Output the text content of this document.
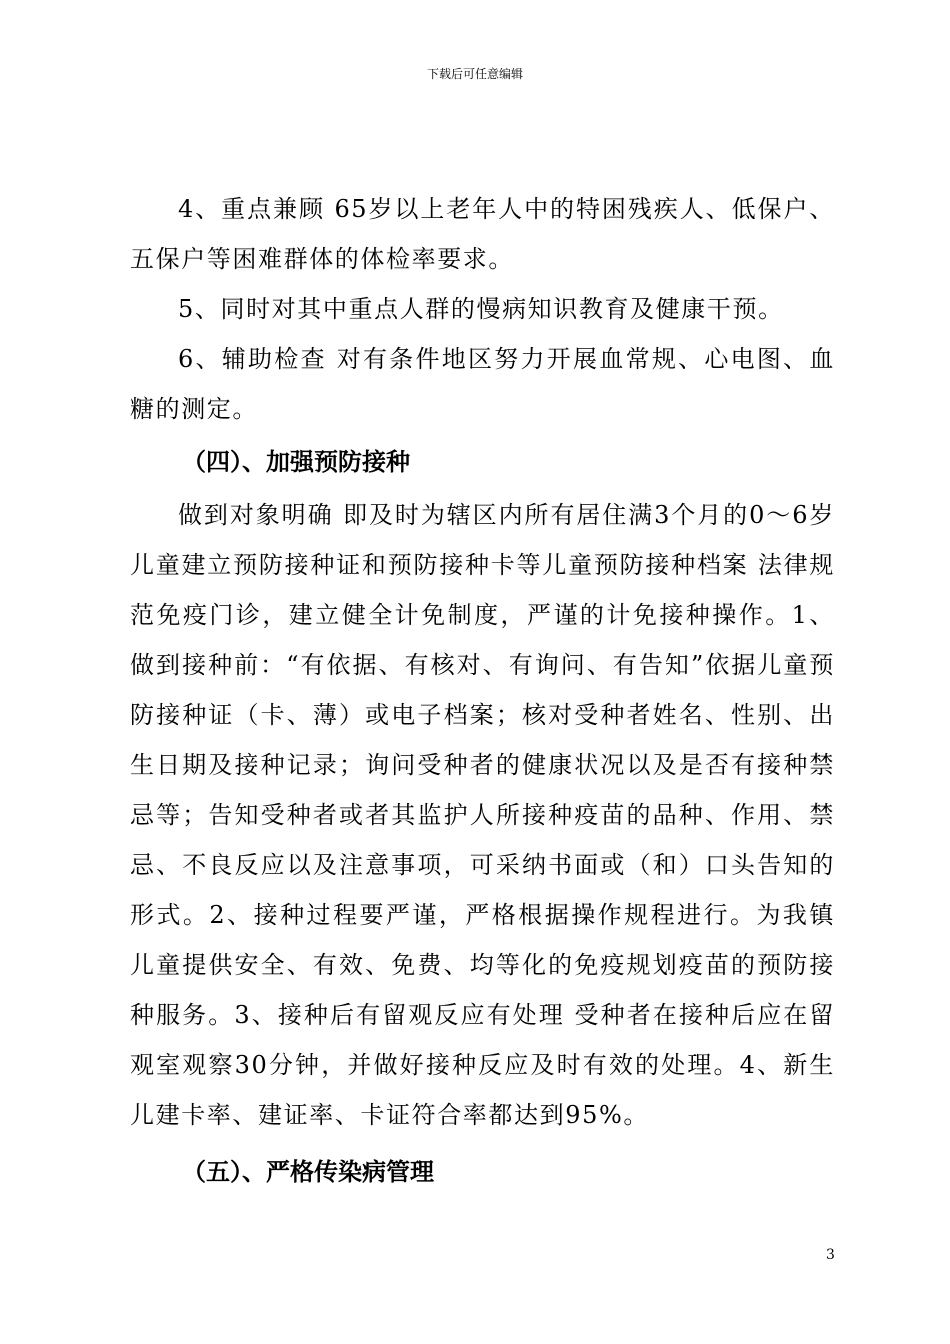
下载后可任意编辑

4、重点兼顾 65岁以上老年人中的特困残疾人、低保户、五保户等困难群体的体检率要求。

5、同时对其中重点人群的慢病知识教育及健康干预。

6、辅助检查 对有条件地区努力开展血常规、心电图、血糖的测定。

（四）、加强预防接种

做到对象明确 即及时为辖区内所有居住满3个月的0～6岁儿童建立预防接种证和预防接种卡等儿童预防接种档案 法律规范免疫门诊，建立健全计免制度，严谨的计免接种操作。1、做到接种前：“有依据、有核对、有询问、有告知”依据儿童预防接种证（卡、薄）或电子档案；核对受种者姓名、性别、出生日期及接种记录；询问受种者的健康状况以及是否有接种禁忌等；告知受种者或者其监护人所接种疫苗的品种、作用、禁忌、不良反应以及注意事项，可采纳书面或（和）口头告知的形式。2、接种过程要严谨，严格根据操作规程进行。为我镇儿童提供安全、有效、免费、均等化的免疫规划疫苗的预防接种服务。3、接种后有留观反应有处理 受种者在接种后应在留观室观察30分钟，并做好接种反应及时有效的处理。4、新生儿建卡率、建证率、卡证符合率都达到95%。

（五）、严格传染病管理

3
